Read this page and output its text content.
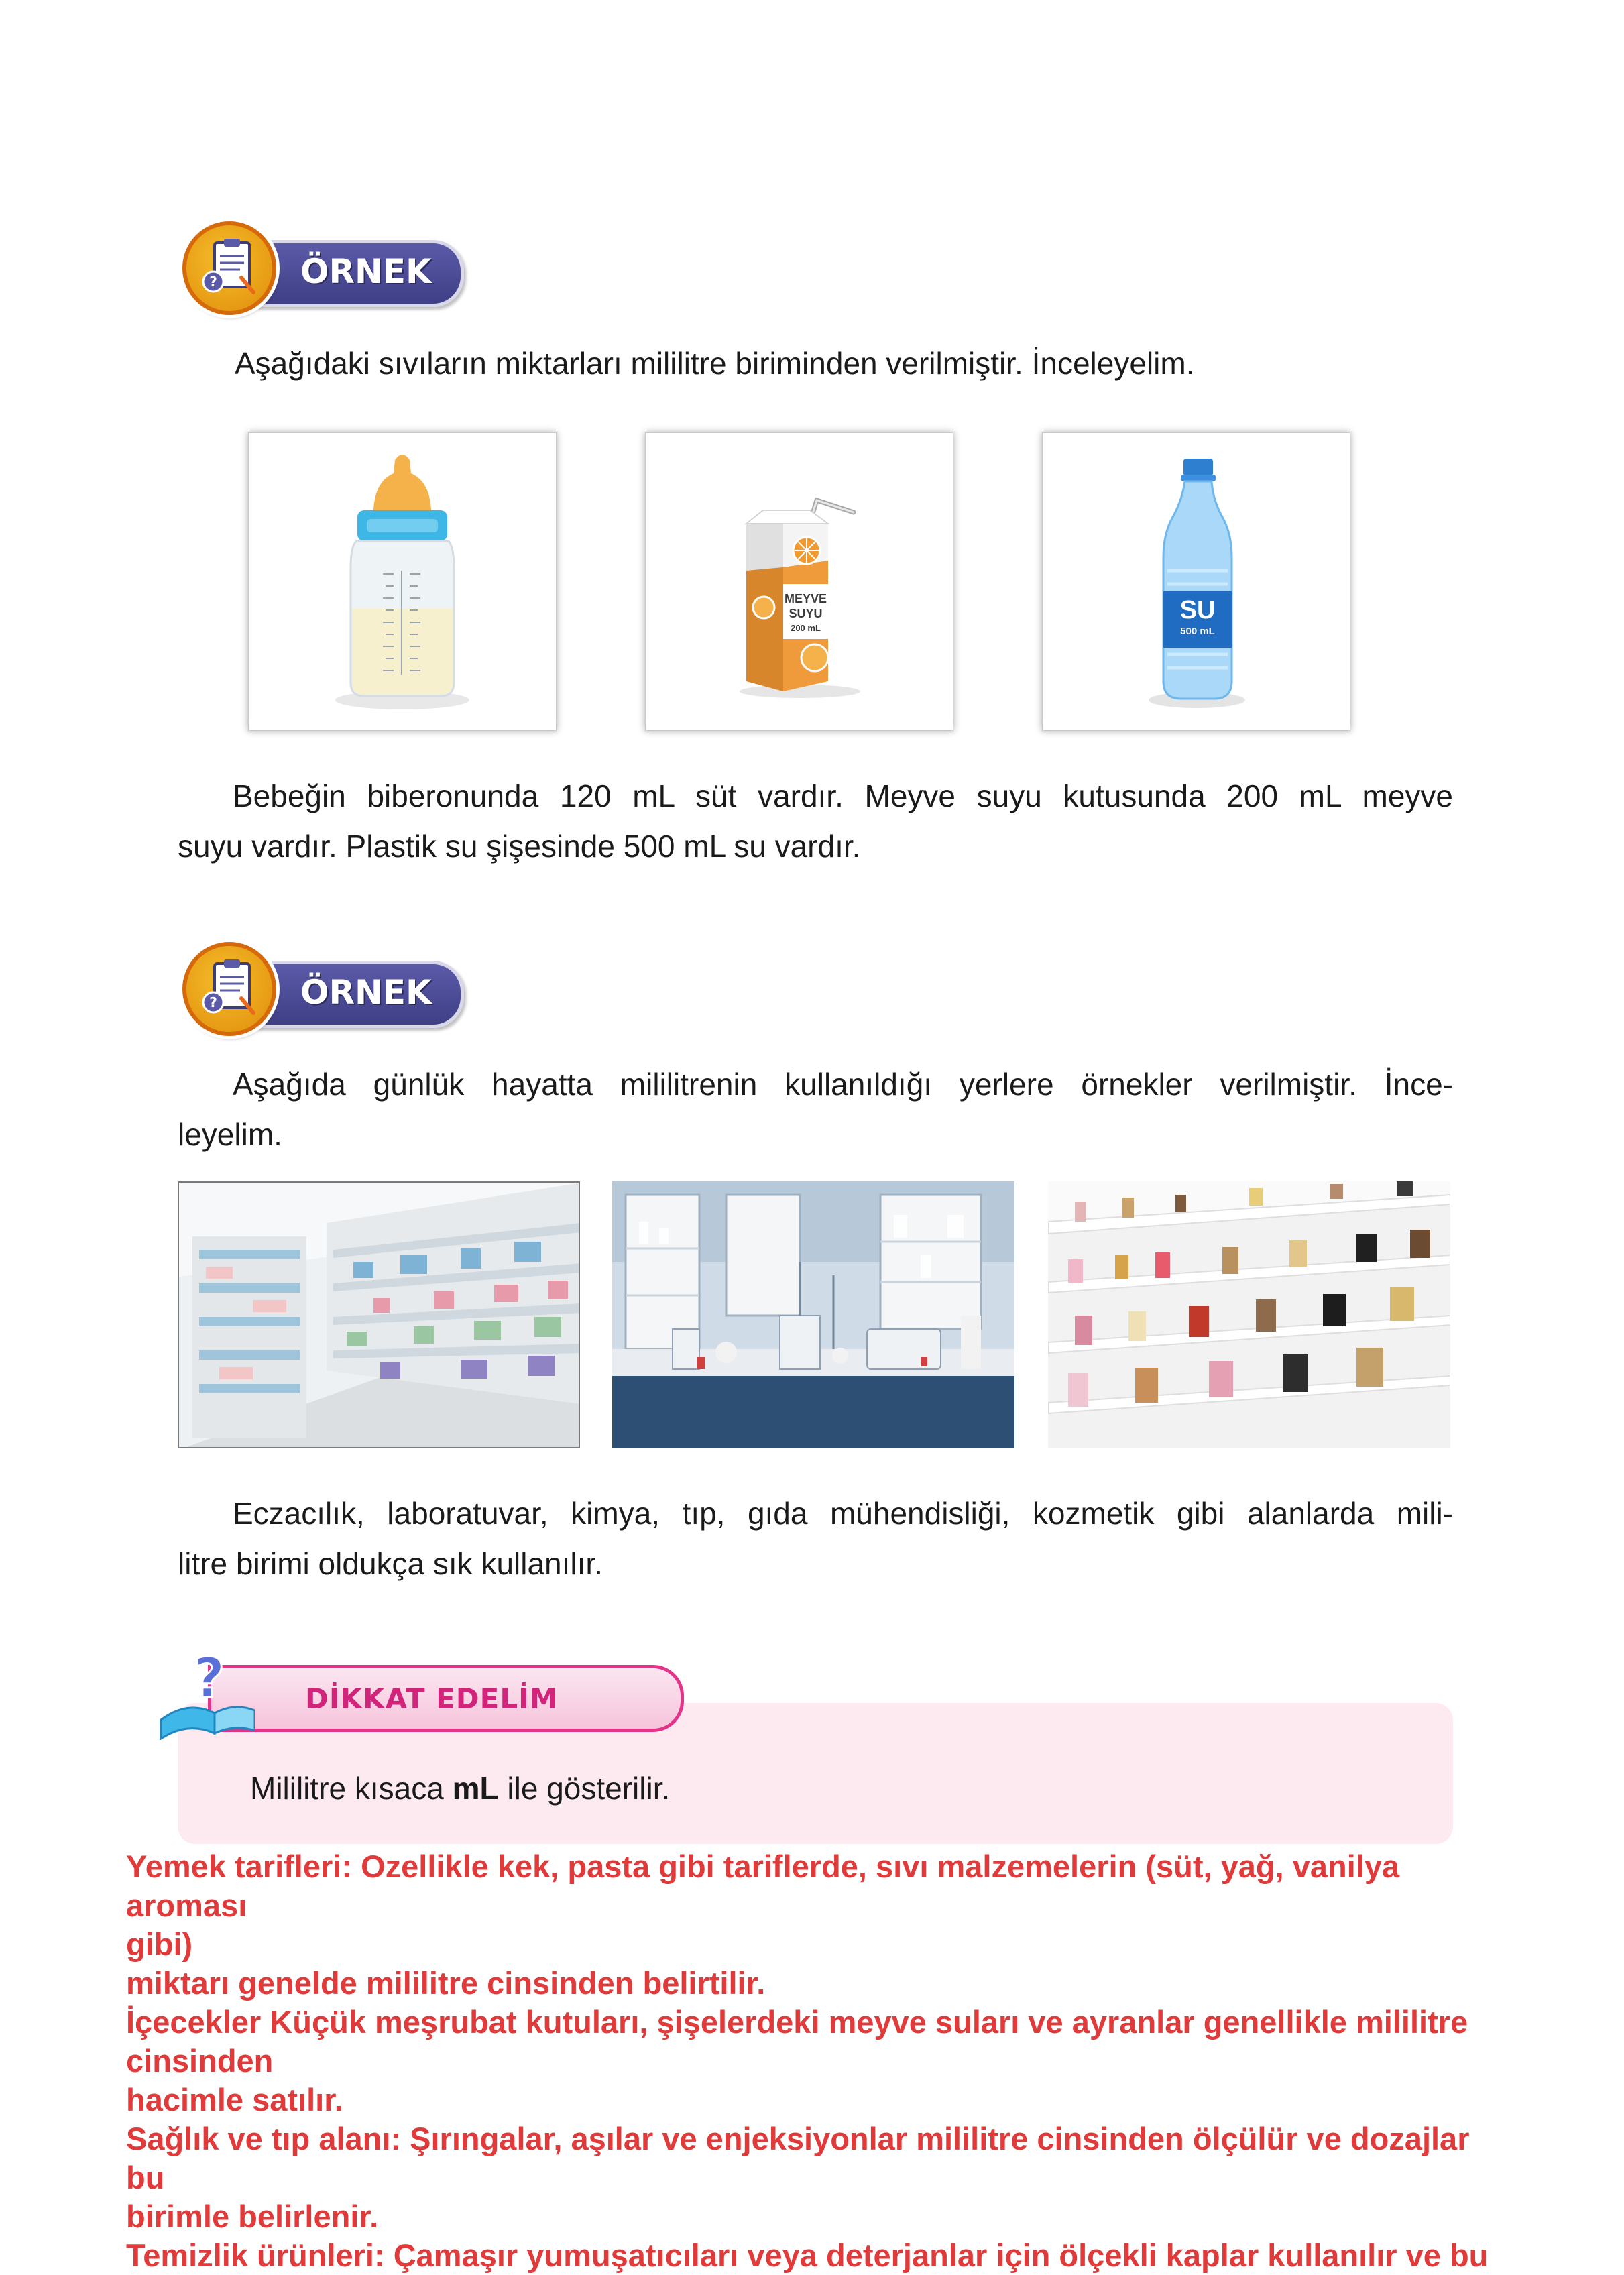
ÖRNEK
?
Aşağıdaki sıvıların miktarları mililitre biriminden verilmiştir. İnceleyelim.
MEYVE
SUYU
200 mL
SU
500 mL
Bebeğin biberonunda 120 mL süt vardır. Meyve suyu kutusunda 200 mL meyve
suyu vardır. Plastik su şişesinde 500 mL su vardır.
ÖRNEK
?
Aşağıda günlük hayatta mililitrenin kullanıldığı yerlere örnekler verilmiştir. İnce-
leyelim.
Eczacılık, laboratuvar, kimya, tıp, gıda mühendisliği, kozmetik gibi alanlarda mili-
litre birimi oldukça sık kullanılır.
Mililitre kısaca mL ile gösterilir.
DİKKAT EDELİM
?
Yemek tarifleri: Ozellikle kek, pasta gibi tariflerde, sıvı malzemelerin (süt, yağ, vanilya
aroması
gibi)
miktarı genelde mililitre cinsinden belirtilir.
İçecekler Küçük meşrubat kutuları, şişelerdeki meyve suları ve ayranlar genellikle mililitre
cinsinden
hacimle satılır.
Sağlık ve tıp alanı: Şırıngalar, aşılar ve enjeksiyonlar mililitre cinsinden ölçülür ve dozajlar
bu
birimle belirlenir.
Temizlik ürünleri: Çamaşır yumuşatıcıları veya deterjanlar için ölçekli kaplar kullanılır ve bu
